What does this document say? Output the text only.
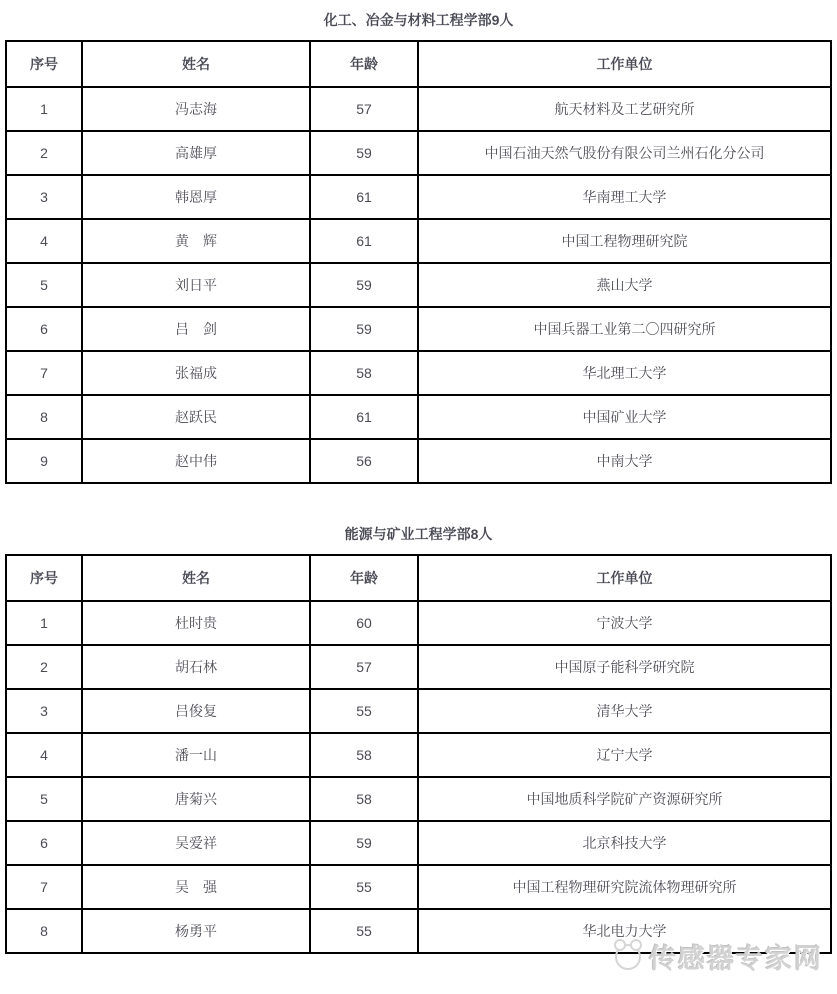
化工、冶金与材料工程学部9人
序号	姓名	年龄	工作单位
1	冯志海	57	航天材料及工艺研究所
2	高雄厚	59	中国石油天然气股份有限公司兰州石化分公司
3	韩恩厚	61	华南理工大学
4	黄　辉	61	中国工程物理研究院
5	刘日平	59	燕山大学
6	吕　剑	59	中国兵器工业第二〇四研究所
7	张福成	58	华北理工大学
8	赵跃民	61	中国矿业大学
9	赵中伟	56	中南大学
能源与矿业工程学部8人
序号	姓名	年龄	工作单位
1	杜时贵	60	宁波大学
2	胡石林	57	中国原子能科学研究院
3	吕俊复	55	清华大学
4	潘一山	58	辽宁大学
5	唐菊兴	58	中国地质科学院矿产资源研究所
6	吴爱祥	59	北京科技大学
7	吴　强	55	中国工程物理研究院流体物理研究所
8	杨勇平	55	华北电力大学
传感器专家网
